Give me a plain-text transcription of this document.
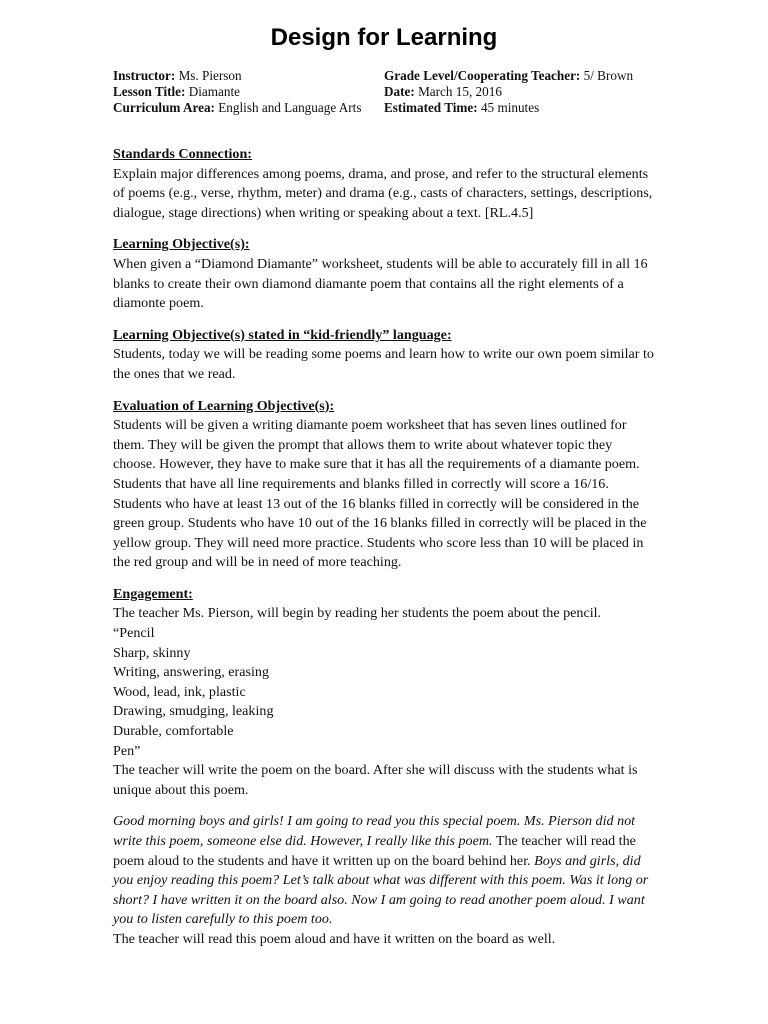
Design for Learning
Instructor: Ms. Pierson	Grade Level/Cooperating Teacher: 5/ Brown
Lesson Title: Diamante	Date: March 15, 2016
Curriculum Area: English and Language Arts	Estimated Time: 45 minutes
Standards Connection:
Explain major differences among poems, drama, and prose, and refer to the structural elements of poems (e.g., verse, rhythm, meter) and drama (e.g., casts of characters, settings, descriptions, dialogue, stage directions) when writing or speaking about a text. [RL.4.5]
Learning Objective(s):
When given a “Diamond Diamante” worksheet, students will be able to accurately fill in all 16 blanks to create their own diamond diamante poem that contains all the right elements of a diamonte poem.
Learning Objective(s) stated in “kid-friendly” language:
Students, today we will be reading some poems and learn how to write our own poem similar to the ones that we read.
Evaluation of Learning Objective(s):
Students will be given a writing diamante poem worksheet that has seven lines outlined for them. They will be given the prompt that allows them to write about whatever topic they choose. However, they have to make sure that it has all the requirements of a diamante poem. Students that have all line requirements and blanks filled in correctly will score a 16/16. Students who have at least 13 out of the 16 blanks filled in correctly will be considered in the green group. Students who have 10 out of the 16 blanks filled in correctly will be placed in the yellow group. They will need more practice. Students who score less than 10 will be placed in the red group and will be in need of more teaching.
Engagement:
The teacher Ms. Pierson, will begin by reading her students the poem about the pencil.
“Pencil
Sharp, skinny
Writing, answering, erasing
Wood, lead, ink, plastic
Drawing, smudging, leaking
Durable, comfortable
Pen”
The teacher will write the poem on the board. After she will discuss with the students what is unique about this poem.
Good morning boys and girls! I am going to read you this special poem. Ms. Pierson did not write this poem, someone else did. However, I really like this poem. The teacher will read the poem aloud to the students and have it written up on the board behind her. Boys and girls, did you enjoy reading this poem? Let’s talk about what was different with this poem. Was it long or short? I have written it on the board also. Now I am going to read another poem aloud. I want you to listen carefully to this poem too.
The teacher will read this poem aloud and have it written on the board as well.
